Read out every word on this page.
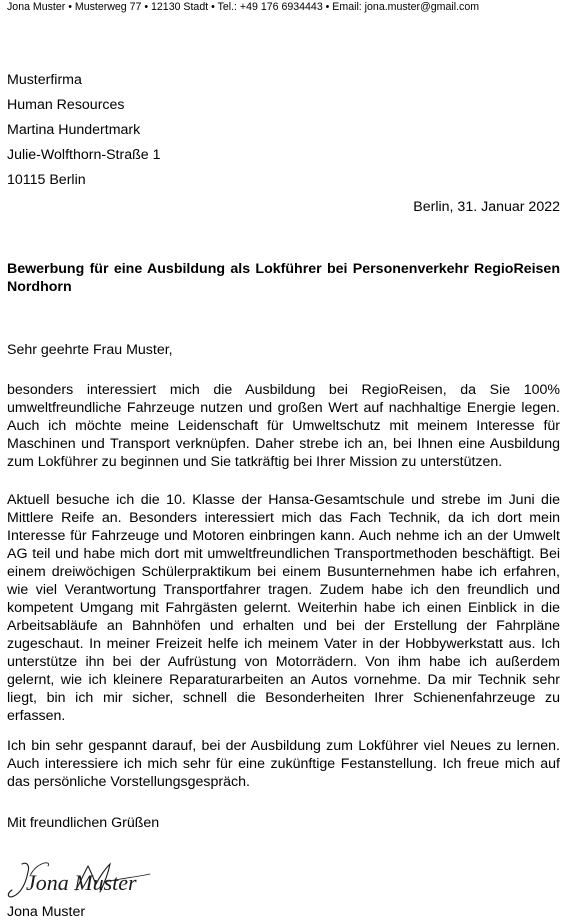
Jona Muster • Musterweg 77 • 12130 Stadt • Tel.: +49 176 6934443 • Email: jona.muster@gmail.com
Musterfirma
Human Resources
Martina Hundertmark
Julie-Wolfthorn-Straße 1
10115 Berlin
Berlin, 31. Januar 2022
Bewerbung für eine Ausbildung als Lokführer bei Personenverkehr RegioReisen Nordhorn
Sehr geehrte Frau Muster,

besonders interessiert mich die Ausbildung bei RegioReisen, da Sie 100% umweltfreundliche Fahrzeuge nutzen und großen Wert auf nachhaltige Energie legen. Auch ich möchte meine Leidenschaft für Umweltschutz mit meinem Interesse für Maschinen und Transport verknüpfen. Daher strebe ich an, bei Ihnen eine Ausbildung zum Lokführer zu beginnen und Sie tatkräftig bei Ihrer Mission zu unterstützen.

Aktuell besuche ich die 10. Klasse der Hansa-Gesamtschule und strebe im Juni die Mittlere Reife an. Besonders interessiert mich das Fach Technik, da ich dort mein Interesse für Fahrzeuge und Motoren einbringen kann. Auch nehme ich an der Umwelt AG teil und habe mich dort mit umweltfreundlichen Transportmethoden beschäftigt. Bei einem dreiwöchigen Schülerpraktikum bei einem Busunternehmen habe ich erfahren, wie viel Verantwortung Transportfahrer tragen. Zudem habe ich den freundlich und kompetent Umgang mit Fahrgästen gelernt. Weiterhin habe ich einen Einblick in die Arbeitsabläufe an Bahnhöfen und erhalten und bei der Erstellung der Fahrpläne zugeschaut. In meiner Freizeit helfe ich meinem Vater in der Hobbywerkstatt aus. Ich unterstütze ihn bei der Aufrüstung von Motorrädern. Von ihm habe ich außerdem gelernt, wie ich kleinere Reparaturarbeiten an Autos vornehme. Da mir Technik sehr liegt, bin ich mir sicher, schnell die Besonderheiten Ihrer Schienenfahrzeuge zu erfassen.

Ich bin sehr gespannt darauf, bei der Ausbildung zum Lokführer viel Neues zu lernen. Auch interessiere ich mich sehr für eine zukünftige Festanstellung. Ich freue mich auf das persönliche Vorstellungsgespräch.

Mit freundlichen Grüßen
Jona Muster
Jona Muster
